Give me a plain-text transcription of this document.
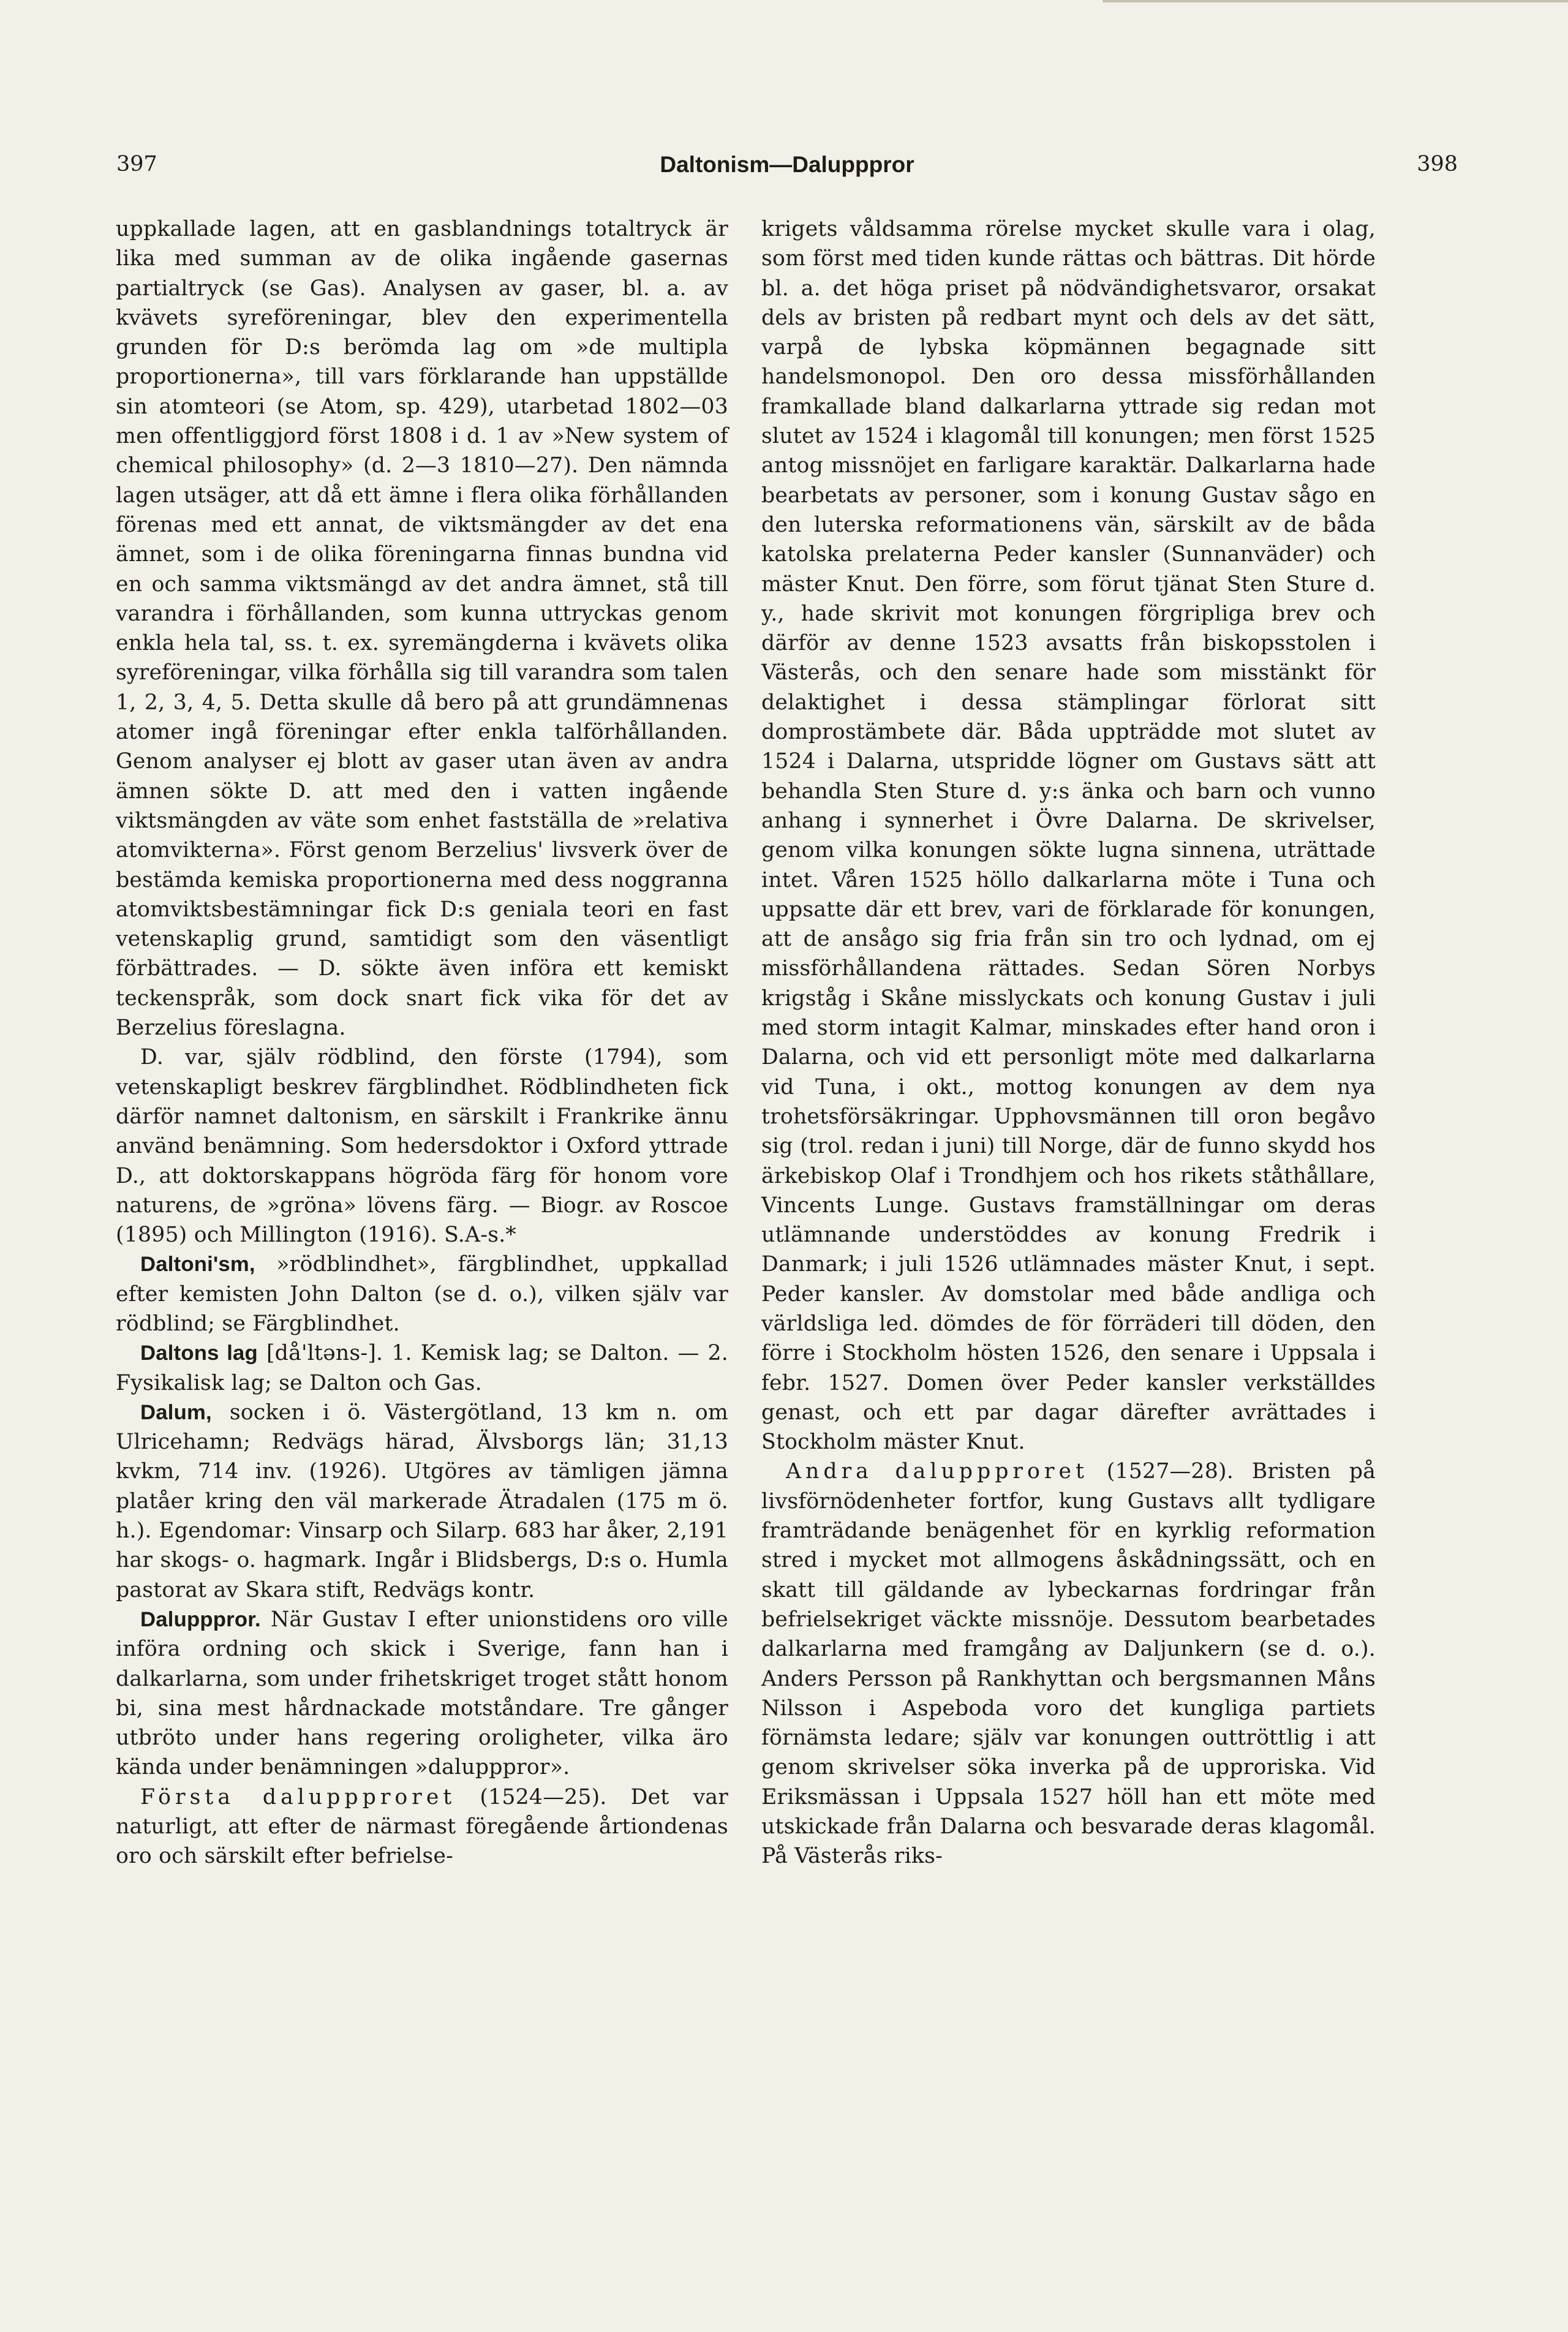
397	Daltonism—Dalupppror	398

uppkallade lagen, att en gasblandnings totaltryck är lika med summan av de olika ingående gasernas partialtryck (se Gas). Analysen av gaser, bl. a. av kvävets syreföreningar, blev den experimentella grunden för D:s berömda lag om »de multipla proportionerna», till vars förklarande han uppställde sin atomteori (se Atom, sp. 429), utarbetad 1802—03 men offentliggjord först 1808 i d. 1 av »New system of chemical philosophy» (d. 2—3 1810—27). Den nämnda lagen utsäger, att då ett ämne i flera olika förhållanden förenas med ett annat, de viktsmängder av det ena ämnet, som i de olika föreningarna finnas bundna vid en och samma viktsmängd av det andra ämnet, stå till varandra i förhållanden, som kunna uttryckas genom enkla hela tal, ss. t. ex. syremängderna i kvävets olika syreföreningar, vilka förhålla sig till varandra som talen 1, 2, 3, 4, 5. Detta skulle då bero på att grundämnenas atomer ingå föreningar efter enkla talförhållanden. Genom analyser ej blott av gaser utan även av andra ämnen sökte D. att med den i vatten ingående viktsmängden av väte som enhet fastställa de »relativa atomvikterna». Först genom Berzelius' livsverk över de bestämda kemiska proportionerna med dess noggranna atomviktsbestämningar fick D:s geniala teori en fast vetenskaplig grund, samtidigt som den väsentligt förbättrades. — D. sökte även införa ett kemiskt teckenspråk, som dock snart fick vika för det av Berzelius föreslagna.

D. var, själv rödblind, den förste (1794), som vetenskapligt beskrev färgblindhet. Rödblindheten fick därför namnet daltonism, en särskilt i Frankrike ännu använd benämning. Som hedersdoktor i Oxford yttrade D., att doktorskappans högröda färg för honom vore naturens, de »gröna» lövens färg. — Biogr. av Roscoe (1895) och Millington (1916). S.A-s.*

Daltoni'sm, »rödblindhet», färgblindhet, uppkallad efter kemisten John Dalton (se d. o.), vilken själv var rödblind; se Färgblindhet.

Daltons lag [då'ltəns-]. 1. Kemisk lag; se Dalton. — 2. Fysikalisk lag; se Dalton och Gas.

Dalum, socken i ö. Västergötland, 13 km n. om Ulricehamn; Redvägs härad, Älvsborgs län; 31,13 kvkm, 714 inv. (1926). Utgöres av tämligen jämna platåer kring den väl markerade Ätradalen (175 m ö. h.). Egendomar: Vinsarp och Silarp. 683 har åker, 2,191 har skogs- o. hagmark. Ingår i Blidsbergs, D:s o. Humla pastorat av Skara stift, Redvägs kontr.

Dalupppror. När Gustav I efter unionstidens oro ville införa ordning och skick i Sverige, fann han i dalkarlarna, som under frihetskriget troget stått honom bi, sina mest hårdnackade motståndare. Tre gånger utbröto under hans regering oroligheter, vilka äro kända under benämningen »dalupppror».

Första daluppproret (1524—25). Det var naturligt, att efter de närmast föregående årtiondenas oro och särskilt efter befrielse-

krigets våldsamma rörelse mycket skulle vara i olag, som först med tiden kunde rättas och bättras. Dit hörde bl. a. det höga priset på nödvändighetsvaror, orsakat dels av bristen på redbart mynt och dels av det sätt, varpå de lybska köpmännen begagnade sitt handelsmonopol. Den oro dessa missförhållanden framkallade bland dalkarlarna yttrade sig redan mot slutet av 1524 i klagomål till konungen; men först 1525 antog missnöjet en farligare karaktär. Dalkarlarna hade bearbetats av personer, som i konung Gustav sågo en den luterska reformationens vän, särskilt av de båda katolska prelaterna Peder kansler (Sunnanväder) och mäster Knut. Den förre, som förut tjänat Sten Sture d. y., hade skrivit mot konungen förgripliga brev och därför av denne 1523 avsatts från biskopsstolen i Västerås, och den senare hade som misstänkt för delaktighet i dessa stämplingar förlorat sitt domprostämbete där. Båda uppträdde mot slutet av 1524 i Dalarna, utspridde lögner om Gustavs sätt att behandla Sten Sture d. y:s änka och barn och vunno anhang i synnerhet i Övre Dalarna. De skrivelser, genom vilka konungen sökte lugna sinnena, uträttade intet. Våren 1525 höllo dalkarlarna möte i Tuna och uppsatte där ett brev, vari de förklarade för konungen, att de ansågo sig fria från sin tro och lydnad, om ej missförhållandena rättades. Sedan Sören Norbys krigståg i Skåne misslyckats och konung Gustav i juli med storm intagit Kalmar, minskades efter hand oron i Dalarna, och vid ett personligt möte med dalkarlarna vid Tuna, i okt., mottog konungen av dem nya trohetsförsäkringar. Upphovsmännen till oron begåvo sig (trol. redan i juni) till Norge, där de funno skydd hos ärkebiskop Olaf i Trondhjem och hos rikets ståthållare, Vincents Lunge. Gustavs framställningar om deras utlämnande understöddes av konung Fredrik i Danmark; i juli 1526 utlämnades mäster Knut, i sept. Peder kansler. Av domstolar med både andliga och världsliga led. dömdes de för förräderi till döden, den förre i Stockholm hösten 1526, den senare i Uppsala i febr. 1527. Domen över Peder kansler verkställdes genast, och ett par dagar därefter avrättades i Stockholm mäster Knut.

Andra daluppproret (1527—28). Bristen på livsförnödenheter fortfor, kung Gustavs allt tydligare framträdande benägenhet för en kyrklig reformation stred i mycket mot allmogens åskådningssätt, och en skatt till gäldande av lybeckarnas fordringar från befrielsekriget väckte missnöje. Dessutom bearbetades dalkarlarna med framgång av Daljunkern (se d. o.). Anders Persson på Rankhyttan och bergsmannen Måns Nilsson i Aspeboda voro det kungliga partiets förnämsta ledare; själv var konungen outtröttlig i att genom skrivelser söka inverka på de upproriska. Vid Eriksmässan i Uppsala 1527 höll han ett möte med utskickade från Dalarna och besvarade deras klagomål. På Västerås riks-
